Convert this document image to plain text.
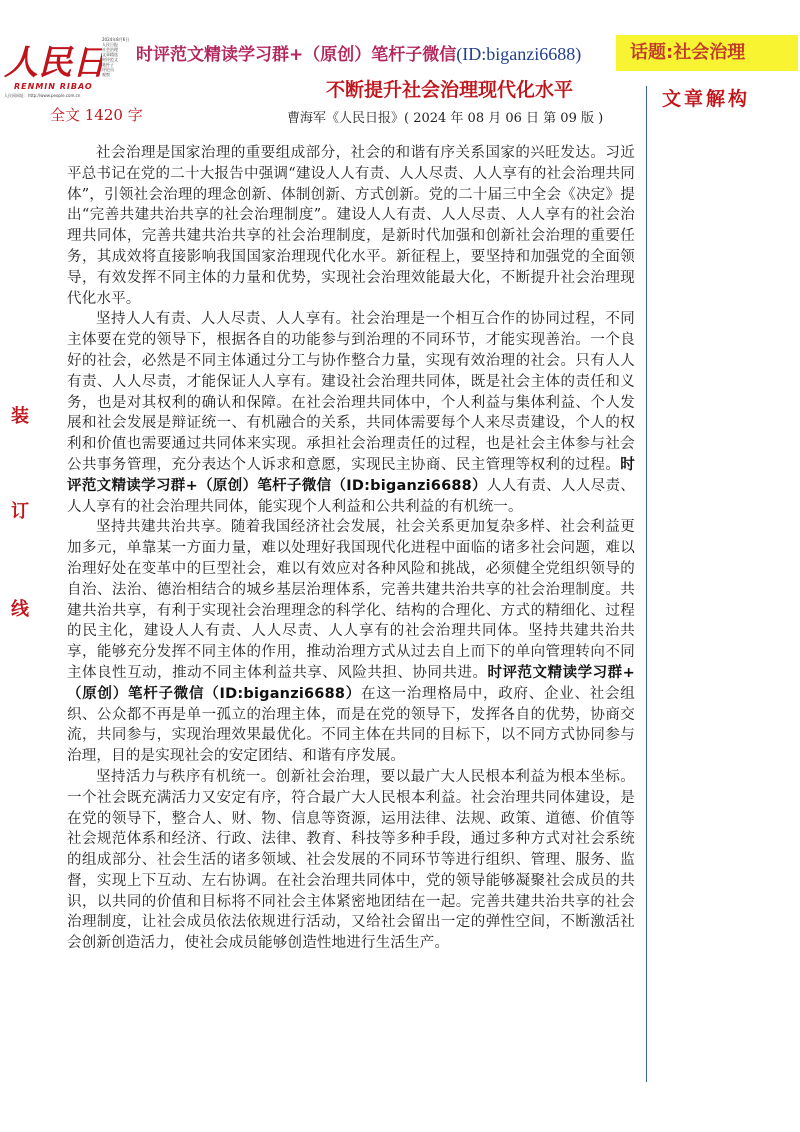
人民
RENMIN RIBAO
人民网网址：http://www.people.com.cn
2024年8月6日
人民日报
社会治理
文章精选
时评范文
笔杆子
评论员
观察
时评范文精读学习群+（原创）笔杆子微信(ID:biganzi6688)	话题:社会治理
不断提升社会治理现代化水平	文章解构
全文 1420 字	曹海军《人民日报》( 2024 年 08 月 06 日 第 09 版 )
装
订
线

社会治理是国家治理的重要组成部分，社会的和谐有序关系国家的兴旺发达。习近平总书记在党的二十大报告中强调“建设人人有责、人人尽责、人人享有的社会治理共同体”，引领社会治理的理念创新、体制创新、方式创新。党的二十届三中全会《决定》提出“完善共建共治共享的社会治理制度”。建设人人有责、人人尽责、人人享有的社会治理共同体，完善共建共治共享的社会治理制度，是新时代加强和创新社会治理的重要任务，其成效将直接影响我国国家治理现代化水平。新征程上，要坚持和加强党的全面领导，有效发挥不同主体的力量和优势，实现社会治理效能最大化，不断提升社会治理现代化水平。

坚持人人有责、人人尽责、人人享有。社会治理是一个相互合作的协同过程，不同主体要在党的领导下，根据各自的功能参与到治理的不同环节，才能实现善治。一个良好的社会，必然是不同主体通过分工与协作整合力量，实现有效治理的社会。只有人人有责、人人尽责，才能保证人人享有。建设社会治理共同体，既是社会主体的责任和义务，也是对其权利的确认和保障。在社会治理共同体中，个人利益与集体利益、个人发展和社会发展是辩证统一、有机融合的关系，共同体需要每个人来尽责建设，个人的权利和价值也需要通过共同体来实现。承担社会治理责任的过程，也是社会主体参与社会公共事务管理，充分表达个人诉求和意愿，实现民主协商、民主管理等权利的过程。时评范文精读学习群+（原创）笔杆子微信（ID:biganzi6688）人人有责、人人尽责、人人享有的社会治理共同体，能实现个人利益和公共利益的有机统一。

坚持共建共治共享。随着我国经济社会发展，社会关系更加复杂多样、社会利益更加多元，单靠某一方面力量，难以处理好我国现代化进程中面临的诸多社会问题，难以治理好处在变革中的巨型社会，难以有效应对各种风险和挑战，必须健全党组织领导的自治、法治、德治相结合的城乡基层治理体系，完善共建共治共享的社会治理制度。共建共治共享，有利于实现社会治理理念的科学化、结构的合理化、方式的精细化、过程的民主化，建设人人有责、人人尽责、人人享有的社会治理共同体。坚持共建共治共享，能够充分发挥不同主体的作用，推动治理方式从过去自上而下的单向管理转向不同主体良性互动，推动不同主体利益共享、风险共担、协同共进。时评范文精读学习群+（原创）笔杆子微信（ID:biganzi6688）在这一治理格局中，政府、企业、社会组织、公众都不再是单一孤立的治理主体，而是在党的领导下，发挥各自的优势，协商交流，共同参与，实现治理效果最优化。不同主体在共同的目标下，以不同方式协同参与治理，目的是实现社会的安定团结、和谐有序发展。

坚持活力与秩序有机统一。创新社会治理，要以最广大人民根本利益为根本坐标。一个社会既充满活力又安定有序，符合最广大人民根本利益。社会治理共同体建设，是在党的领导下，整合人、财、物、信息等资源，运用法律、法规、政策、道德、价值等社会规范体系和经济、行政、法律、教育、科技等多种手段，通过多种方式对社会系统的组成部分、社会生活的诸多领域、社会发展的不同环节等进行组织、管理、服务、监督，实现上下互动、左右协调。在社会治理共同体中，党的领导能够凝聚社会成员的共识，以共同的价值和目标将不同社会主体紧密地团结在一起。完善共建共治共享的社会治理制度，让社会成员依法依规进行活动，又给社会留出一定的弹性空间，不断激活社会创新创造活力，使社会成员能够创造性地进行生活生产。
